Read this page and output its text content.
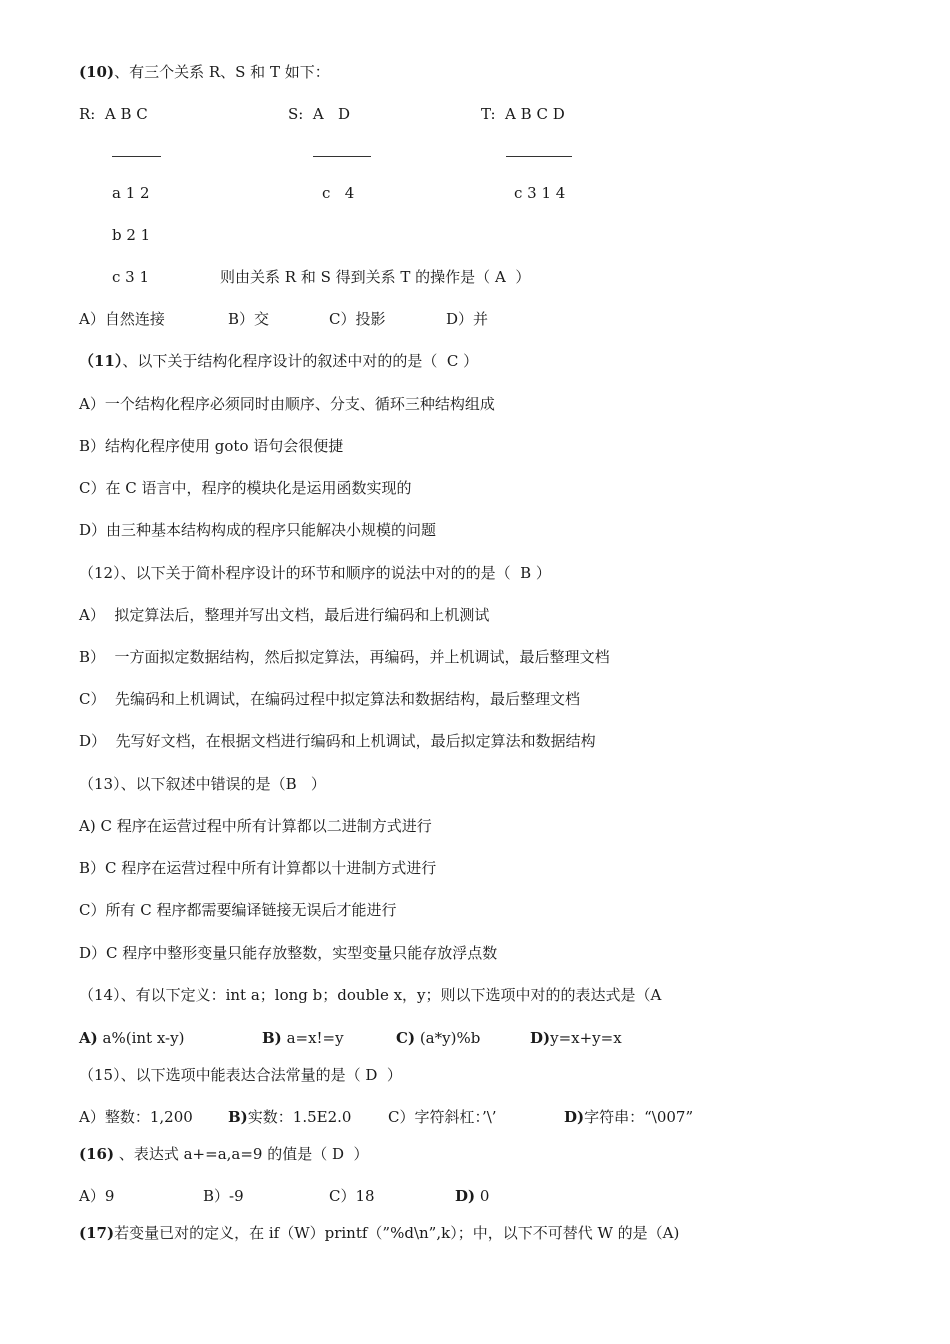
(10)、有三个关系 R、S 和 T 如下：
R:  A B C	S:  A   D	T:  A B C D
a 1 2	c   4	c 3 1 4
b 2 1
c 3 1	则由关系 R 和 S 得到关系 T 的操作是（ A  ）
A）自然连接	B）交	C）投影	D）并
（11）、以下关于结构化程序设计的叙述中对的的是（  C ）
A）一个结构化程序必须同时由顺序、分支、循环三种结构组成
B）结构化程序使用 goto 语句会很便捷
C）在 C 语言中，程序的模块化是运用函数实现的
D）由三种基本结构构成的程序只能解决小规模的问题
（12）、以下关于简朴程序设计的环节和顺序的说法中对的的是（  B ）
A）  拟定算法后，整理并写出文档，最后进行编码和上机测试
B）  一方面拟定数据结构，然后拟定算法，再编码，并上机调试，最后整理文档
C）  先编码和上机调试，在编码过程中拟定算法和数据结构，最后整理文档
D）  先写好文档，在根据文档进行编码和上机调试，最后拟定算法和数据结构
（13）、以下叙述中错误的是（B   ）
A) C 程序在运营过程中所有计算都以二进制方式进行
B）C 程序在运营过程中所有计算都以十进制方式进行
C）所有 C 程序都需要编译链接无误后才能进行
D）C 程序中整形变量只能存放整数，实型变量只能存放浮点数
（14）、有以下定义：int a；long b；double x，y；则以下选项中对的的表达式是（A
A) a%(int x-y)	B) a=x!=y	C) (a*y)%b	D)y=x+y=x
（15）、以下选项中能表达合法常量的是（ D  ）
A）整数：1,200 B)实数：1.5E2.0 C）字符斜杠：’\’	D)字符串：“\007”
(16) 、表达式 a+=a,a=9 的值是（ D  ）
A）9	B）-9	C）18	D) 0
(17)若变量已对的定义，在 if（W）printf（”%d\n”,k）；中，以下不可替代 W 的是（A)
